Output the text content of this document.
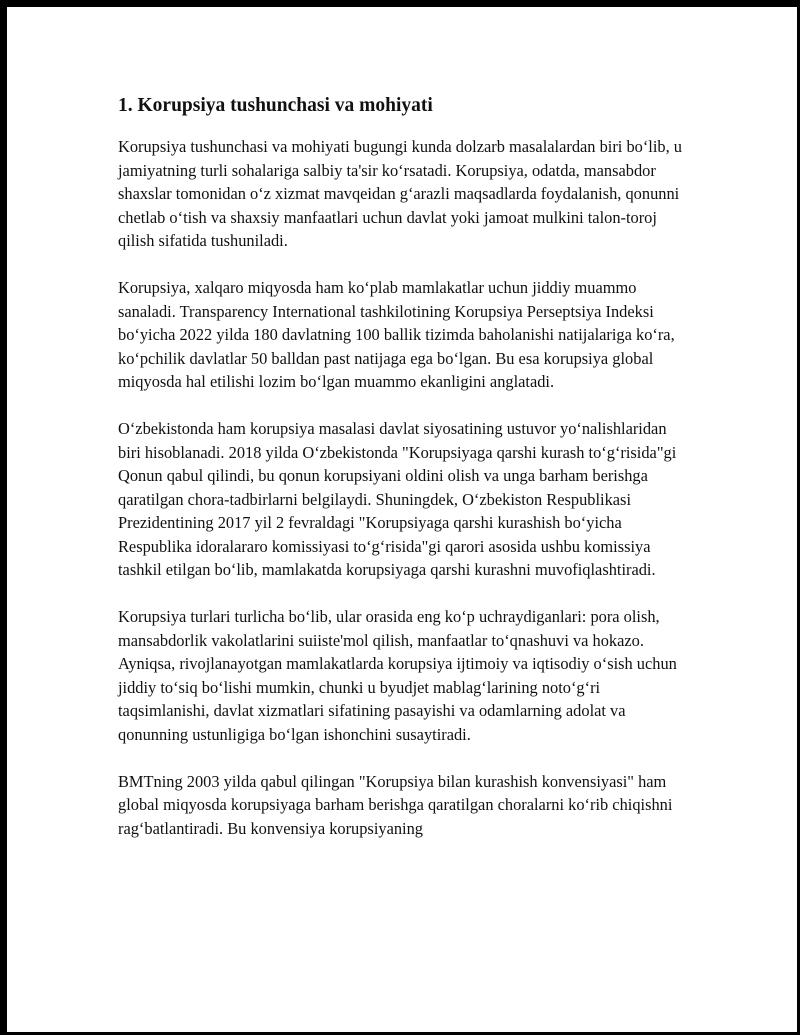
1. Korupsiya tushunchasi va mohiyati

Korupsiya tushunchasi va mohiyati bugungi kunda dolzarb masalalardan biri bo‘lib, u jamiyatning turli sohalariga salbiy ta'sir ko‘rsatadi. Korupsiya, odatda, mansabdor shaxslar tomonidan o‘z xizmat mavqeidan g‘arazli maqsadlarda foydalanish, qonunni chetlab o‘tish va shaxsiy manfaatlari uchun davlat yoki jamoat mulkini talon-toroj qilish sifatida tushuniladi.

Korupsiya, xalqaro miqyosda ham ko‘plab mamlakatlar uchun jiddiy muammo sanaladi. Transparency International tashkilotining Korupsiya Perseptsiya Indeksi bo‘yicha 2022 yilda 180 davlatning 100 ballik tizimda baholanishi natijalariga ko‘ra, ko‘pchilik davlatlar 50 balldan past natijaga ega bo‘lgan. Bu esa korupsiya global miqyosda hal etilishi lozim bo‘lgan muammo ekanligini anglatadi.

O‘zbekistonda ham korupsiya masalasi davlat siyosatining ustuvor yo‘nalishlaridan biri hisoblanadi. 2018 yilda O‘zbekistonda "Korupsiyaga qarshi kurash to‘g‘risida"gi Qonun qabul qilindi, bu qonun korupsiyani oldini olish va unga barham berishga qaratilgan chora-tadbirlarni belgilaydi. Shuningdek, O‘zbekiston Respublikasi Prezidentining 2017 yil 2 fevraldagi "Korupsiyaga qarshi kurashish bo‘yicha Respublika idoralararo komissiyasi to‘g‘risida"gi qarori asosida ushbu komissiya tashkil etilgan bo‘lib, mamlakatda korupsiyaga qarshi kurashni muvofiqlashtiradi.

Korupsiya turlari turlicha bo‘lib, ular orasida eng ko‘p uchraydiganlari: pora olish, mansabdorlik vakolatlarini suiiste'mol qilish, manfaatlar to‘qnashuvi va hokazo. Ayniqsa, rivojlanayotgan mamlakatlarda korupsiya ijtimoiy va iqtisodiy o‘sish uchun jiddiy to‘siq bo‘lishi mumkin, chunki u byudjet mablag‘larining noto‘g‘ri taqsimlanishi, davlat xizmatlari sifatining pasayishi va odamlarning adolat va qonunning ustunligiga bo‘lgan ishonchini susaytiradi.

BMTning 2003 yilda qabul qilingan "Korupsiya bilan kurashish konvensiyasi" ham global miqyosda korupsiyaga barham berishga qaratilgan choralarni ko‘rib chiqishni rag‘batlantiradi. Bu konvensiya korupsiyaning
